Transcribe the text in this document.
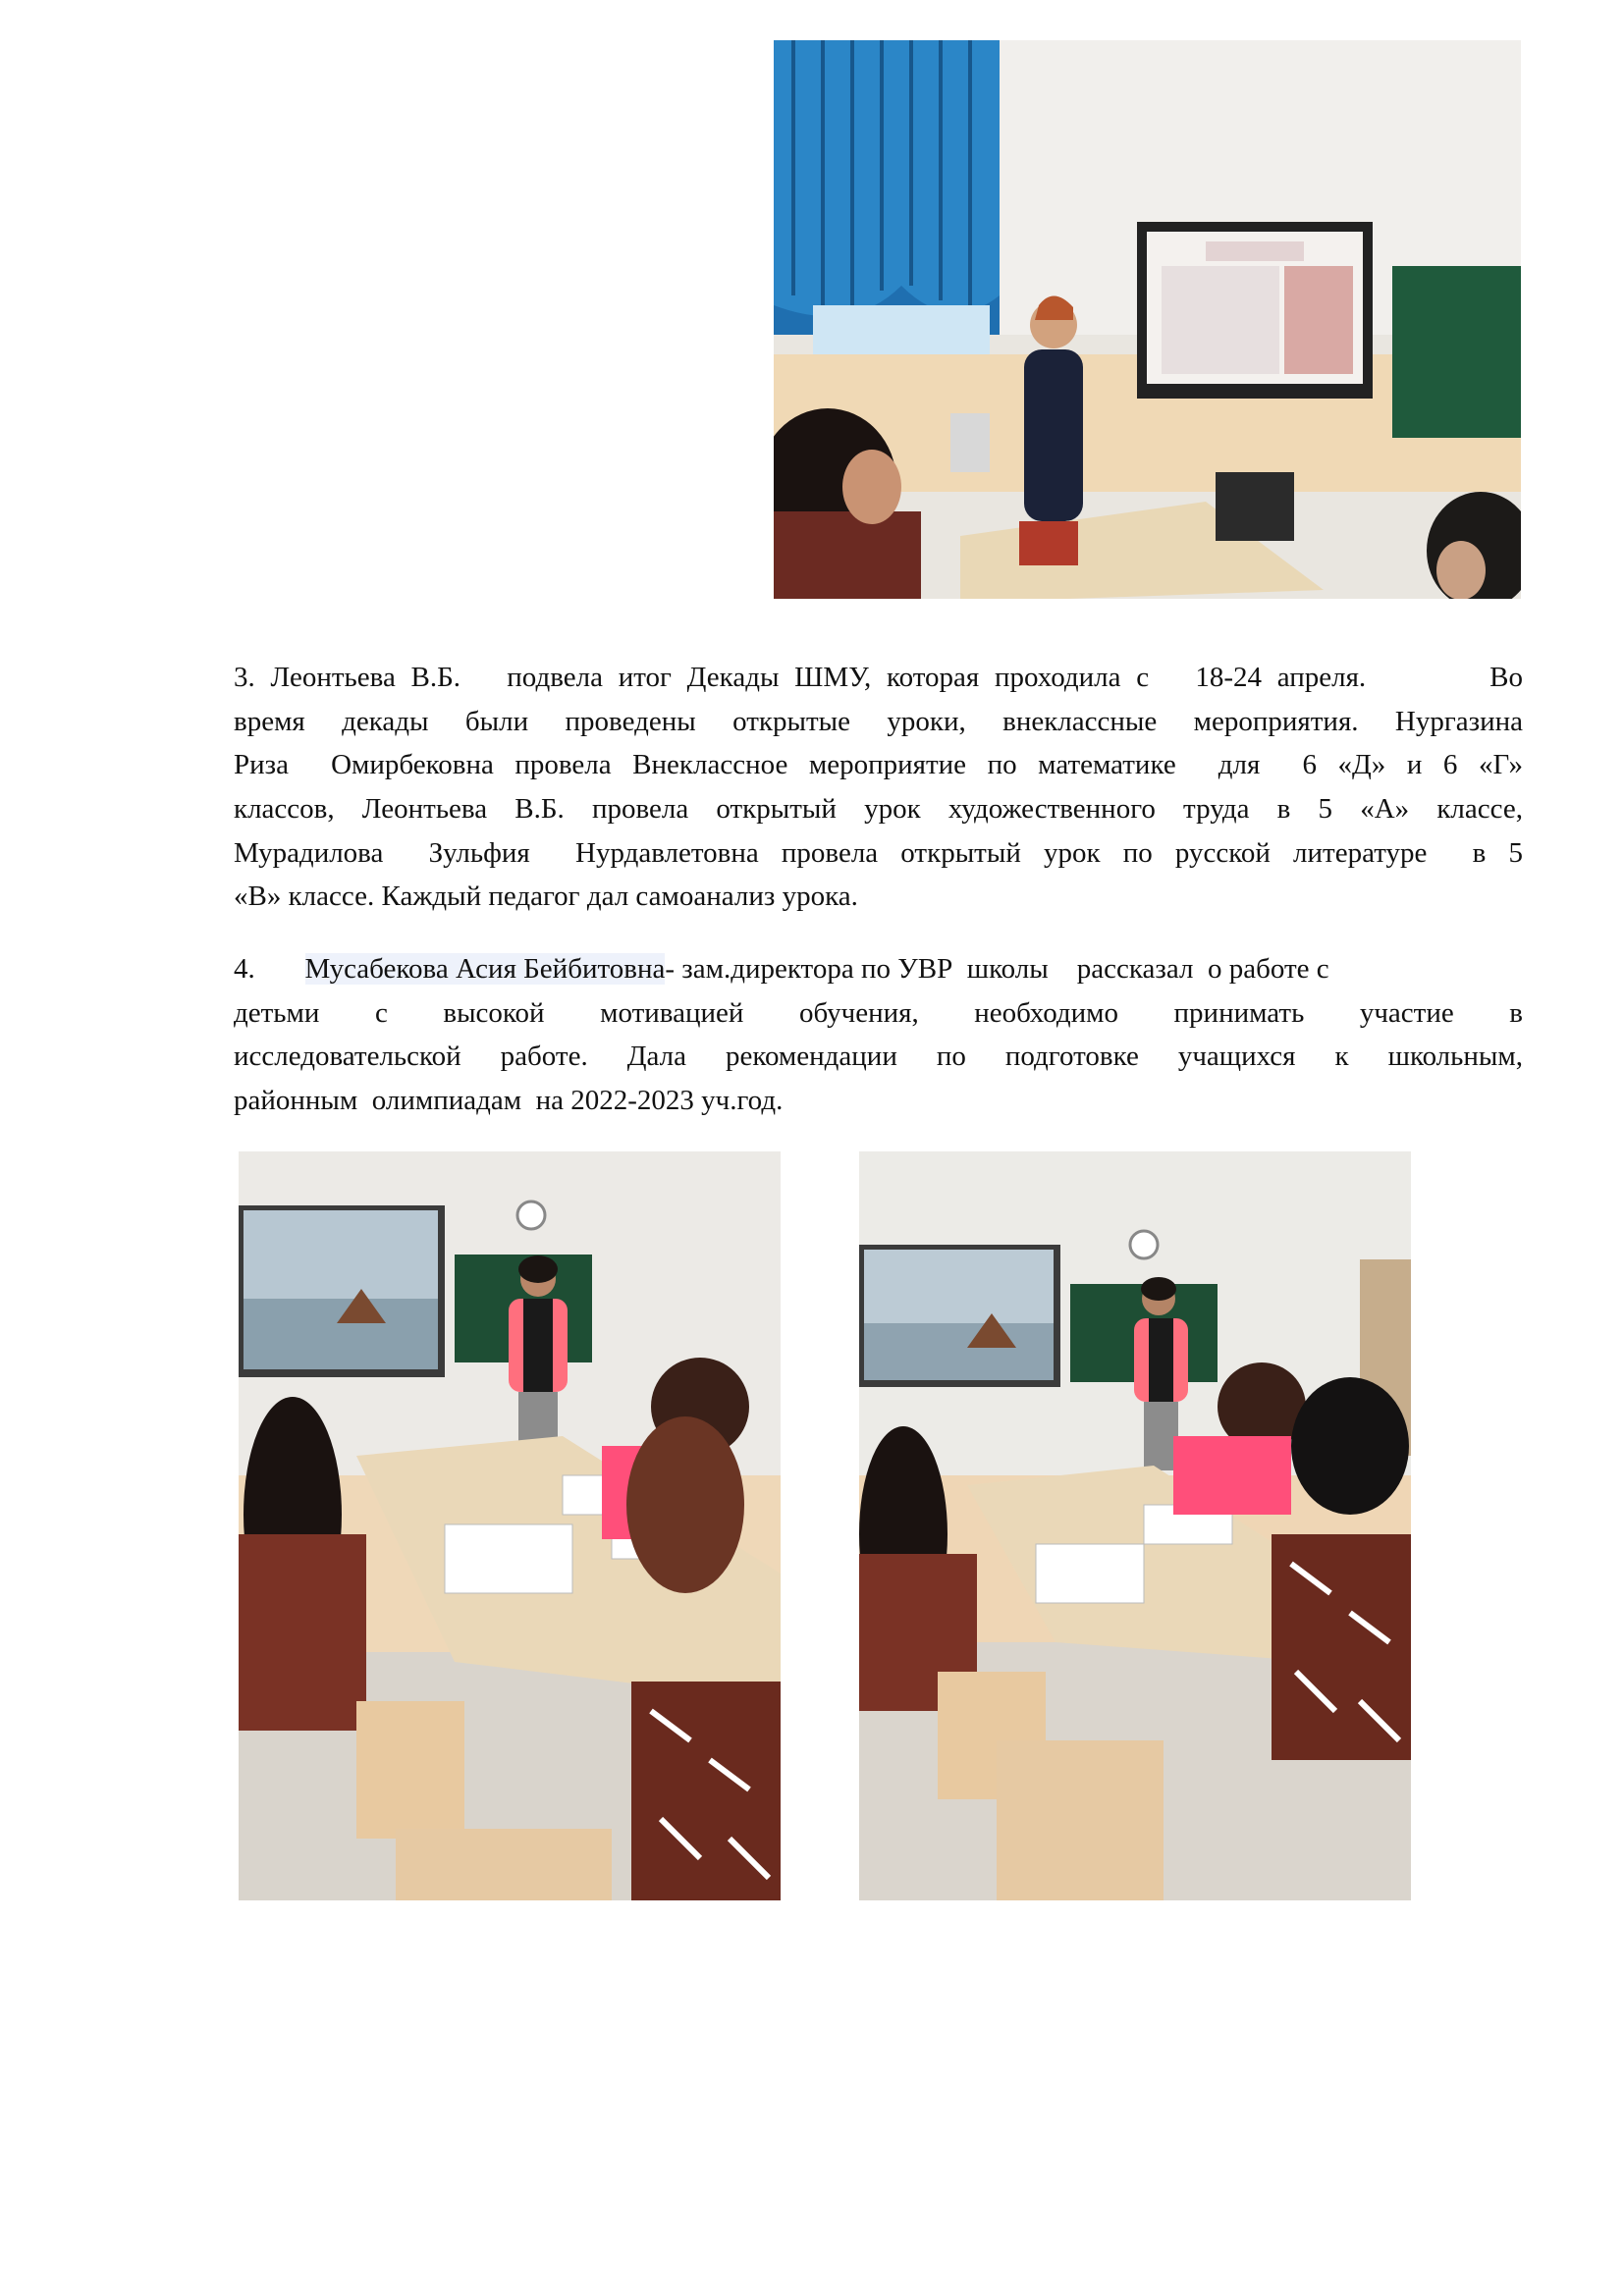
3. Леонтьева В.Б.   подвела итог Декады ШМУ, которая проходила с   18-24 апреля.        Во
время декады были проведены открытые уроки, внеклассные мероприятия. Нургазина
Риза  Омирбековна провела Внеклассное мероприятие по математике  для  6 «Д» и 6 «Г»
классов, Леонтьева В.Б. провела открытый урок художественного труда в 5 «А» классе,
Мурадилова  Зульфия  Нурдавлетовна провела открытый урок по русской литературе  в 5
«В» классе. Каждый педагог дал самоанализ урока.
4. Мусабекова Асия Бейбитовна- зам.директора по УВР  школы    рассказал  о работе с
детьми   с   высокой   мотивацией   обучения,   необходимо   принимать   участие   в
исследовательской работе. Дала рекомендации по подготовке учащихся к школьным,
районным  олимпиадам  на 2022-2023 уч.год.
